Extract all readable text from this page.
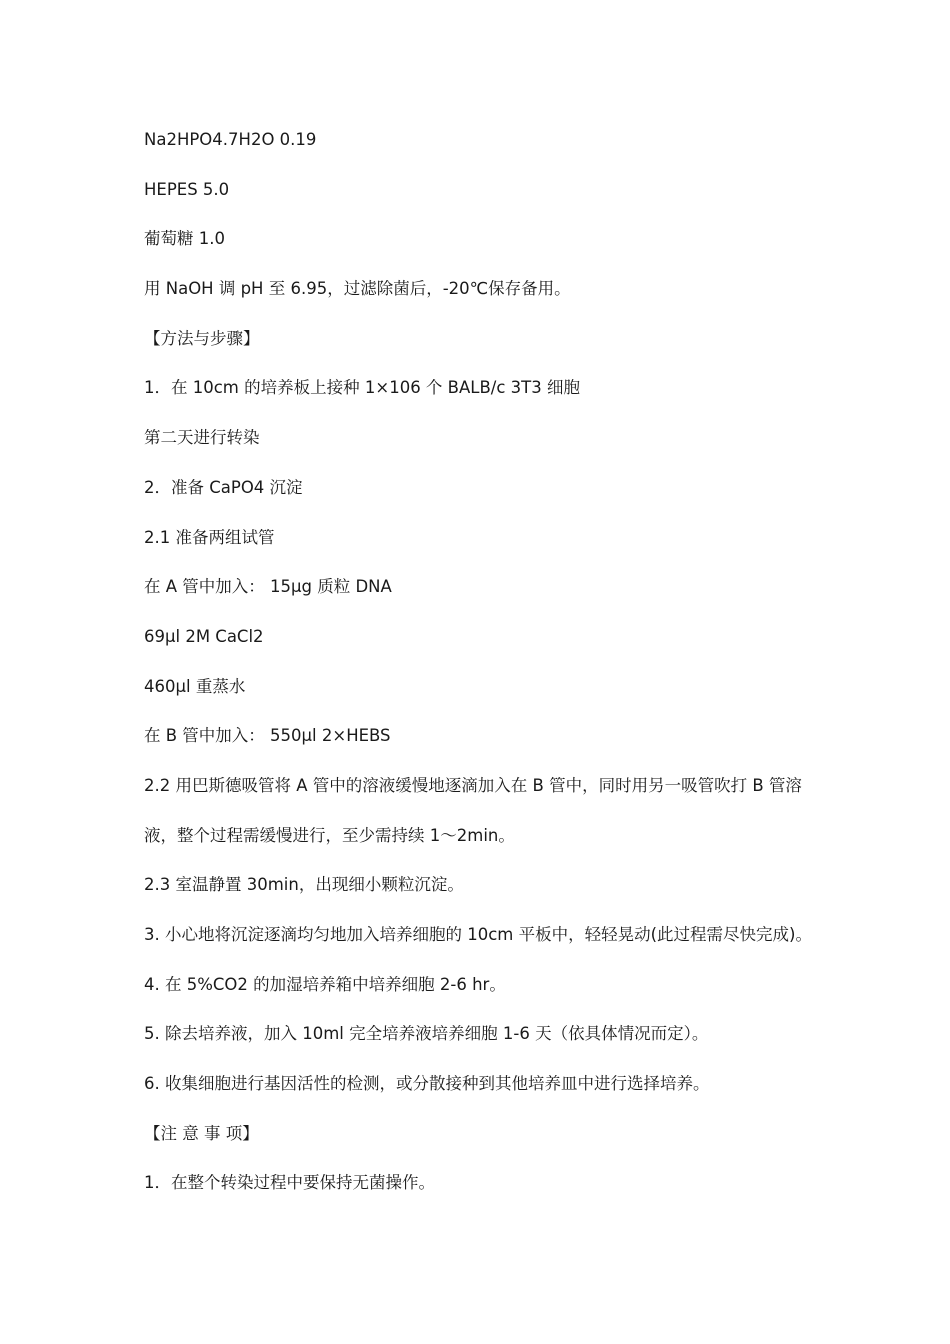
Na2HPO4.7H2O 0.19
HEPES 5.0
葡萄糖 1.0
用 NaOH 调 pH 至 6.95，过滤除菌后，-20℃保存备用。
【方法与步骤】
1．在 10cm 的培养板上接种 1×106 个 BALB/c 3T3 细胞
第二天进行转染
2．准备 CaPO4 沉淀
2.1 准备两组试管
在 A 管中加入： 15μg 质粒 DNA
69μl 2M CaCl2
460μl 重蒸水
在 B 管中加入： 550μl 2×HEBS
2.2 用巴斯德吸管将 A 管中的溶液缓慢地逐滴加入在 B 管中，同时用另一吸管吹打 B 管溶
液，整个过程需缓慢进行，至少需持续 1～2min。
2.3 室温静置 30min，出现细小颗粒沉淀。
3. 小心地将沉淀逐滴均匀地加入培养细胞的 10cm 平板中，轻轻晃动(此过程需尽快完成)。
4. 在 5%CO2 的加湿培养箱中培养细胞 2-6 hr。
5. 除去培养液，加入 10ml 完全培养液培养细胞 1-6 天（依具体情况而定）。
6. 收集细胞进行基因活性的检测，或分散接种到其他培养皿中进行选择培养。
【注 意 事 项】
1．在整个转染过程中要保持无菌操作。
